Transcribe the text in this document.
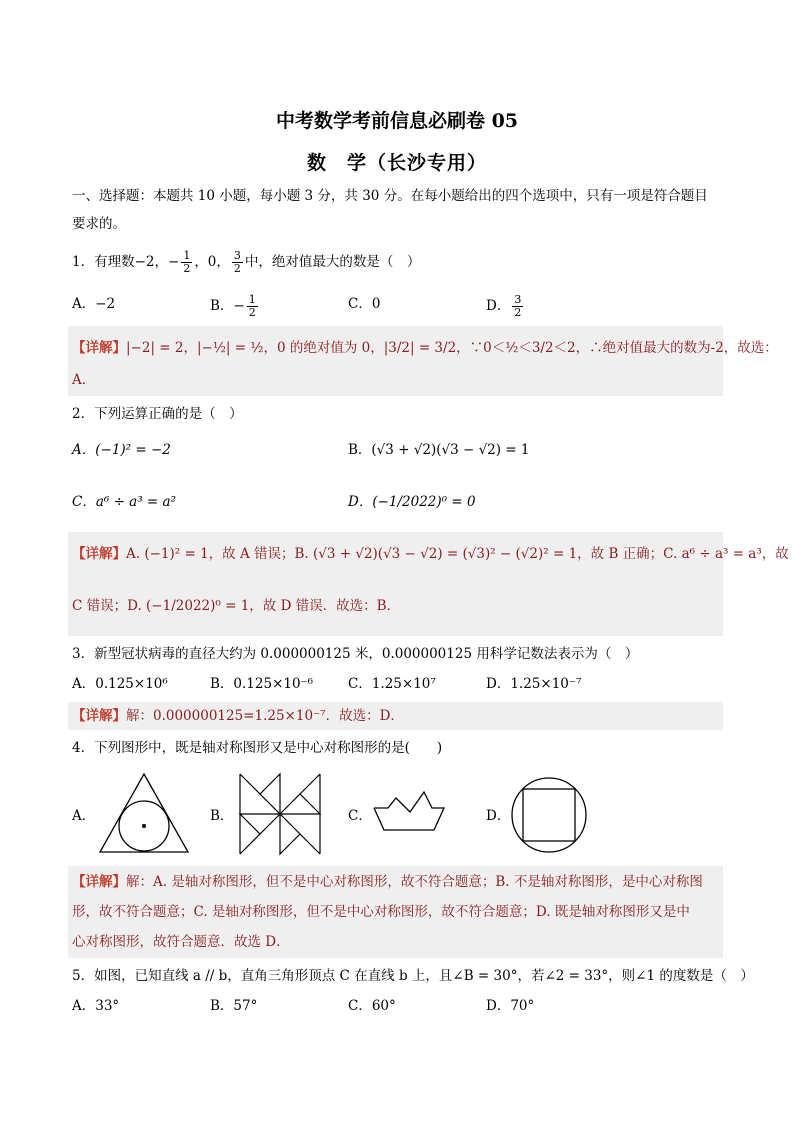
中考数学考前信息必刷卷 05
数　学（长沙专用）
一、选择题：本题共 10 小题，每小题 3 分，共 30 分。在每小题给出的四个选项中，只有一项是符合题目
要求的。
1．有理数−2，− $\frac{1}{2}$ ，0， $\frac{3}{2}$ 中，绝对值最大的数是（　）
A．−2	B．− $\frac{1}{2}$	C．0	D． $\frac{3}{2}$
【详解】|−2| = 2，|−½| = ½，0 的绝对值为 0，|3/2| = 3/2，∵0＜½＜3/2＜2，∴绝对值最大的数为-2，故选：
A．
2．下列运算正确的是（　）
A．(−1)² = −2	B．(√3 + √2)(√3 − √2) = 1
C．a⁶ ÷ a³ = a²	D．(−1/2022)⁰ = 0
【详解】A. (−1)² = 1，故 A 错误；B. (√3 + √2)(√3 − √2) = (√3)² − (√2)² = 1，故 B 正确；C. a⁶ ÷ a³ = a³，故
C 错误；D. (−1/2022)⁰ = 1，故 D 错误．故选：B．
3．新型冠状病毒的直径大约为 0.000000125 米，0.000000125 用科学记数法表示为（　）
A．0.125×10⁶	B．0.125×10⁻⁶	C．1.25×10⁷	D．1.25×10⁻⁷
【详解】解：0.000000125=1.25×10⁻⁷．故选：D．
4．下列图形中，既是轴对称图形又是中心对称图形的是(　　)
A．	B．	C．	D．
【详解】解：A. 是轴对称图形，但不是中心对称图形，故不符合题意；B. 不是轴对称图形，是中心对称图
形，故不符合题意；C. 是轴对称图形，但不是中心对称图形，故不符合题意；D. 既是轴对称图形又是中
心对称图形，故符合题意．故选 D．
5．如图，已知直线 a // b，直角三角形顶点 C 在直线 b 上，且∠B = 30°，若∠2 = 33°，则∠1 的度数是（　）
A．33°	B．57°	C．60°	D．70°
